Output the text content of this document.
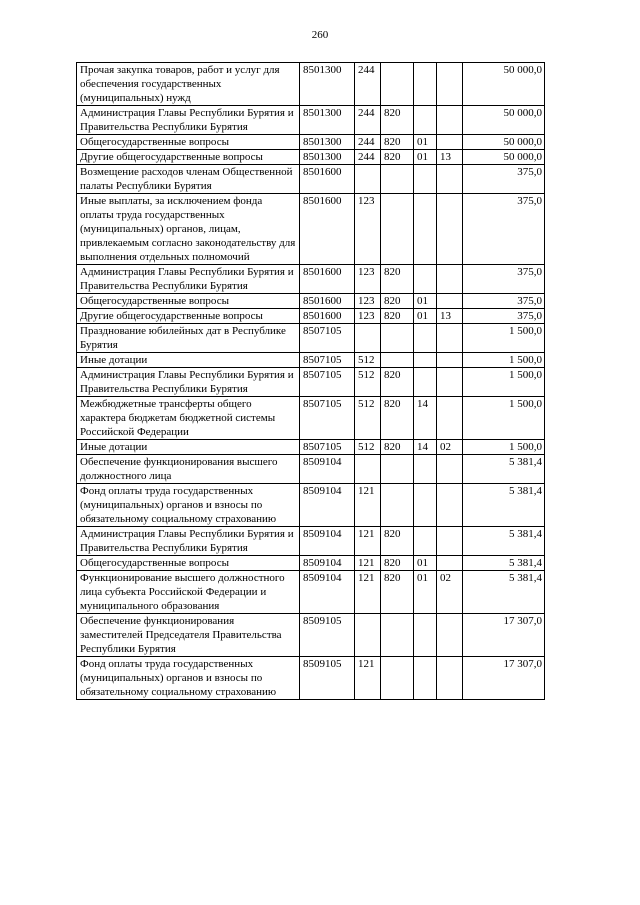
260
Прочая закупка товаров, работ и услуг для обеспечения государственных (муниципальных) нужд	8501300	244				50 000,0
Администрация Главы Республики Бурятия и Правительства Республики Бурятия	8501300	244	820			50 000,0
Общегосударственные вопросы	8501300	244	820	01		50 000,0
Другие общегосударственные вопросы	8501300	244	820	01	13	50 000,0
Возмещение расходов членам Общественной палаты Республики Бурятия	8501600					375,0
Иные выплаты, за исключением фонда оплаты труда государственных (муниципальных) органов, лицам, привлекаемым согласно законодательству для выполнения отдельных полномочий	8501600	123				375,0
Администрация Главы Республики Бурятия и Правительства Республики Бурятия	8501600	123	820			375,0
Общегосударственные вопросы	8501600	123	820	01		375,0
Другие общегосударственные вопросы	8501600	123	820	01	13	375,0
Празднование юбилейных дат в Республике Бурятия	8507105					1 500,0
Иные дотации	8507105	512				1 500,0
Администрация Главы Республики Бурятия и Правительства Республики Бурятия	8507105	512	820			1 500,0
Межбюджетные трансферты общего характера бюджетам бюджетной системы Российской Федерации	8507105	512	820	14		1 500,0
Иные дотации	8507105	512	820	14	02	1 500,0
Обеспечение функционирования высшего должностного лица	8509104					5 381,4
Фонд оплаты труда государственных (муниципальных) органов и взносы по обязательному социальному страхованию	8509104	121				5 381,4
Администрация Главы Республики Бурятия и Правительства Республики Бурятия	8509104	121	820			5 381,4
Общегосударственные вопросы	8509104	121	820	01		5 381,4
Функционирование высшего должностного лица субъекта Российской Федерации и муниципального образования	8509104	121	820	01	02	5 381,4
Обеспечение функционирования заместителей Председателя Правительства Республики Бурятия	8509105					17 307,0
Фонд оплаты труда государственных (муниципальных) органов и взносы по обязательному социальному страхованию	8509105	121				17 307,0
